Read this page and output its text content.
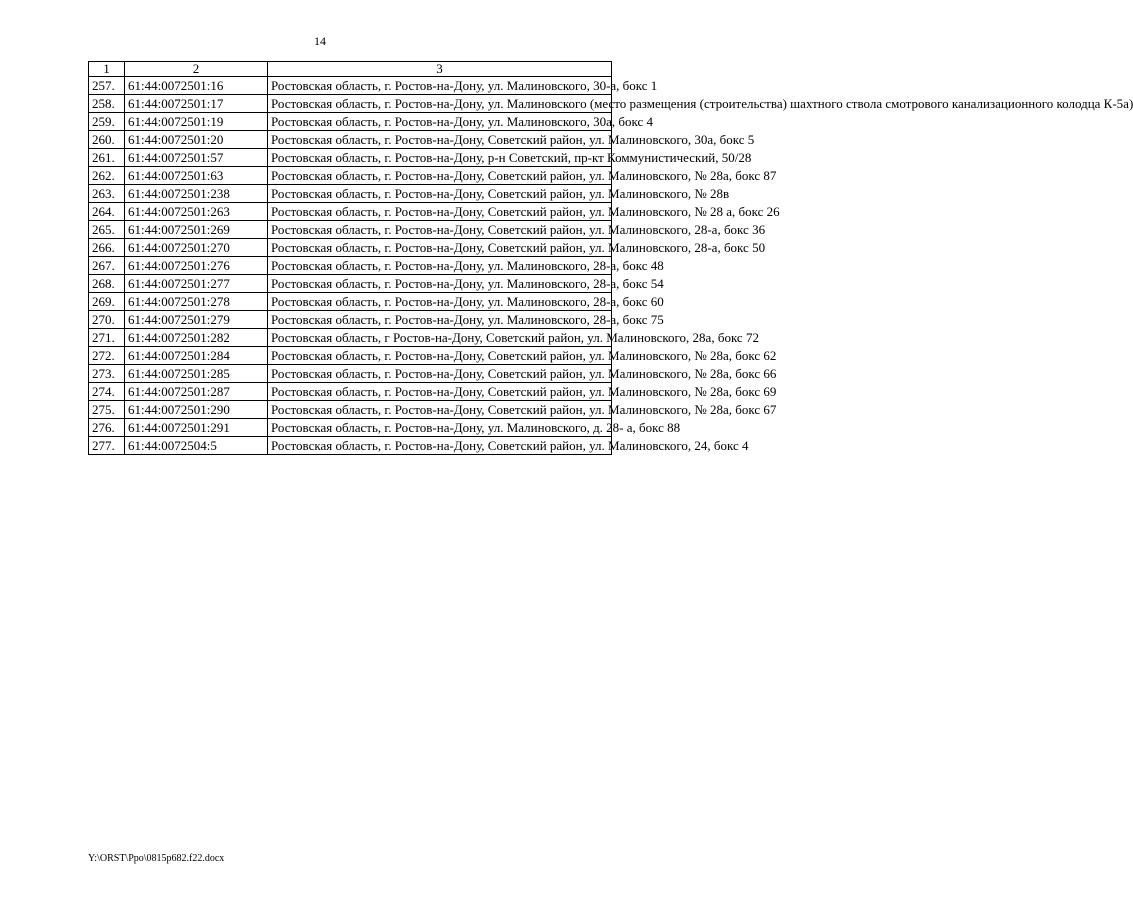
14
1	2	3
257.	61:44:0072501:16	Ростовская область, г. Ростов-на-Дону, ул. Малиновского, 30-а, бокс 1
258.	61:44:0072501:17	Ростовская область, г. Ростов-на-Дону, ул. Малиновского (место размещения (строительства) шахтного ствола смотрового канализационного колодца К-5а)
259.	61:44:0072501:19	Ростовская область, г. Ростов-на-Дону, ул. Малиновского, 30а, бокс 4
260.	61:44:0072501:20	Ростовская область, г. Ростов-на-Дону, Советский район, ул. Малиновского, 30а, бокс 5
261.	61:44:0072501:57	Ростовская область, г. Ростов-на-Дону, р-н Советский, пр-кт Коммунистический, 50/28
262.	61:44:0072501:63	Ростовская область, г. Ростов-на-Дону, Советский район, ул. Малиновского, № 28а, бокс 87
263.	61:44:0072501:238	Ростовская область, г. Ростов-на-Дону, Советский район, ул. Малиновского, № 28в
264.	61:44:0072501:263	Ростовская область, г. Ростов-на-Дону, Советский район, ул. Малиновского, № 28 а, бокс 26
265.	61:44:0072501:269	Ростовская область, г. Ростов-на-Дону, Советский район, ул. Малиновского, 28-а, бокс 36
266.	61:44:0072501:270	Ростовская область, г. Ростов-на-Дону, Советский район, ул. Малиновского, 28-а, бокс 50
267.	61:44:0072501:276	Ростовская область, г. Ростов-на-Дону, ул. Малиновского, 28-а, бокс 48
268.	61:44:0072501:277	Ростовская область, г. Ростов-на-Дону, ул. Малиновского, 28-а, бокс 54
269.	61:44:0072501:278	Ростовская область, г. Ростов-на-Дону, ул. Малиновского, 28-а, бокс 60
270.	61:44:0072501:279	Ростовская область, г. Ростов-на-Дону, ул. Малиновского, 28-а, бокс 75
271.	61:44:0072501:282	Ростовская область, г Ростов-на-Дону, Советский район, ул. Малиновского, 28а, бокс 72
272.	61:44:0072501:284	Ростовская область, г. Ростов-на-Дону, Советский район, ул. Малиновского, № 28а, бокс 62
273.	61:44:0072501:285	Ростовская область, г. Ростов-на-Дону, Советский район, ул. Малиновского, № 28а, бокс 66
274.	61:44:0072501:287	Ростовская область, г. Ростов-на-Дону, Советский район, ул. Малиновского, № 28а, бокс 69
275.	61:44:0072501:290	Ростовская область, г. Ростов-на-Дону, Советский район, ул. Малиновского, № 28а, бокс 67
276.	61:44:0072501:291	Ростовская область, г. Ростов-на-Дону, ул. Малиновского, д. 28- а, бокс 88
277.	61:44:0072504:5	Ростовская область, г. Ростов-на-Дону, Советский район, ул. Малиновского, 24, бокс 4
Y:\ORST\Ppo\0815p682.f22.docx
